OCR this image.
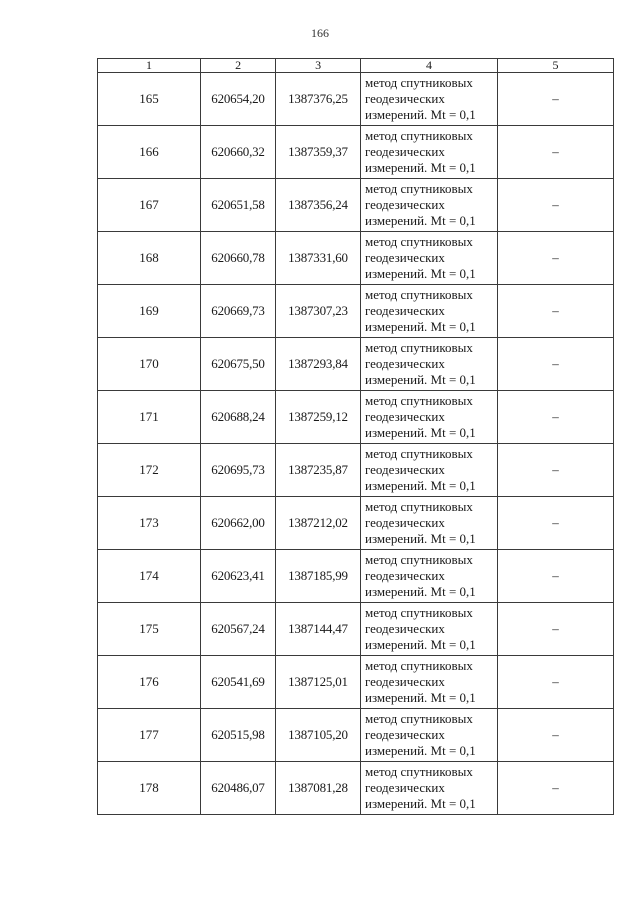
166
1	2	3	4	5
165	620654,20	1387376,25	метод спутниковых
геодезических
измерений. Mt = 0,1	–
166	620660,32	1387359,37	метод спутниковых
геодезических
измерений. Mt = 0,1	–
167	620651,58	1387356,24	метод спутниковых
геодезических
измерений. Mt = 0,1	–
168	620660,78	1387331,60	метод спутниковых
геодезических
измерений. Mt = 0,1	–
169	620669,73	1387307,23	метод спутниковых
геодезических
измерений. Mt = 0,1	–
170	620675,50	1387293,84	метод спутниковых
геодезических
измерений. Mt = 0,1	–
171	620688,24	1387259,12	метод спутниковых
геодезических
измерений. Mt = 0,1	–
172	620695,73	1387235,87	метод спутниковых
геодезических
измерений. Mt = 0,1	–
173	620662,00	1387212,02	метод спутниковых
геодезических
измерений. Mt = 0,1	–
174	620623,41	1387185,99	метод спутниковых
геодезических
измерений. Mt = 0,1	–
175	620567,24	1387144,47	метод спутниковых
геодезических
измерений. Mt = 0,1	–
176	620541,69	1387125,01	метод спутниковых
геодезических
измерений. Mt = 0,1	–
177	620515,98	1387105,20	метод спутниковых
геодезических
измерений. Mt = 0,1	–
178	620486,07	1387081,28	метод спутниковых
геодезических
измерений. Mt = 0,1	–
